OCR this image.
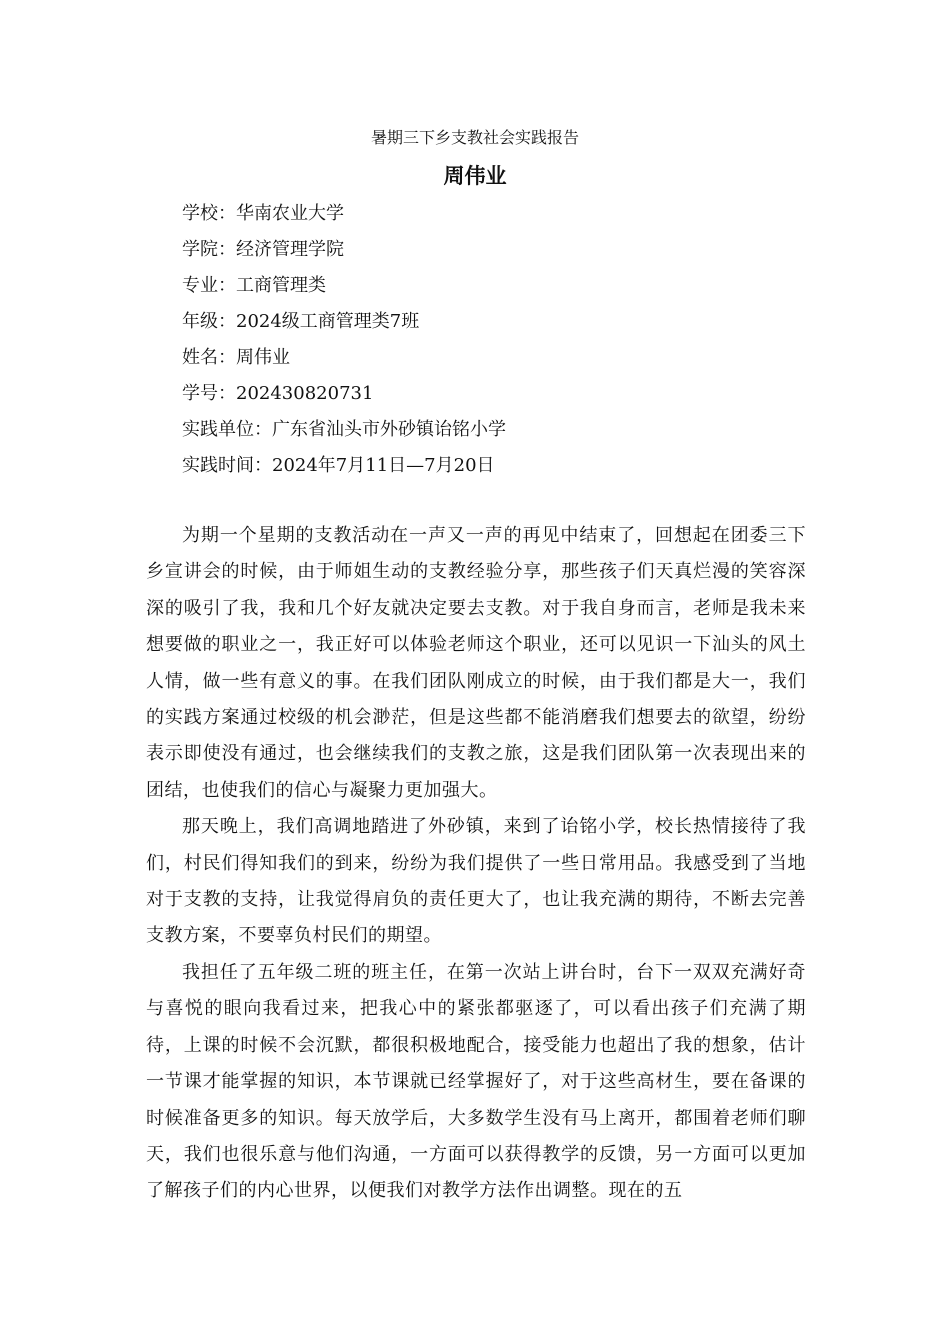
暑期三下乡支教社会实践报告
周伟业
学校：华南农业大学
学院：经济管理学院
专业：工商管理类
年级：2024级工商管理类7班
姓名：周伟业
学号：202430820731
实践单位：广东省汕头市外砂镇诒铭小学
实践时间：2024年7月11日—7月20日

为期一个星期的支教活动在一声又一声的再见中结束了，回想起在团委三下乡宣讲会的时候，由于师姐生动的支教经验分享，那些孩子们天真烂漫的笑容深深的吸引了我，我和几个好友就决定要去支教。对于我自身而言，老师是我未来想要做的职业之一，我正好可以体验老师这个职业，还可以见识一下汕头的风土人情，做一些有意义的事。在我们团队刚成立的时候，由于我们都是大一，我们的实践方案通过校级的机会渺茫，但是这些都不能消磨我们想要去的欲望，纷纷表示即使没有通过，也会继续我们的支教之旅，这是我们团队第一次表现出来的团结，也使我们的信心与凝聚力更加强大。

那天晚上，我们高调地踏进了外砂镇，来到了诒铭小学，校长热情接待了我们，村民们得知我们的到来，纷纷为我们提供了一些日常用品。我感受到了当地对于支教的支持，让我觉得肩负的责任更大了，也让我充满的期待，不断去完善支教方案，不要辜负村民们的期望。

我担任了五年级二班的班主任，在第一次站上讲台时，台下一双双充满好奇与喜悦的眼向我看过来，把我心中的紧张都驱逐了，可以看出孩子们充满了期待，上课的时候不会沉默，都很积极地配合，接受能力也超出了我的想象，估计一节课才能掌握的知识，本节课就已经掌握好了，对于这些高材生，要在备课的时候准备更多的知识。每天放学后，大多数学生没有马上离开，都围着老师们聊天，我们也很乐意与他们沟通，一方面可以获得教学的反馈，另一方面可以更加了解孩子们的内心世界，以便我们对教学方法作出调整。现在的五
